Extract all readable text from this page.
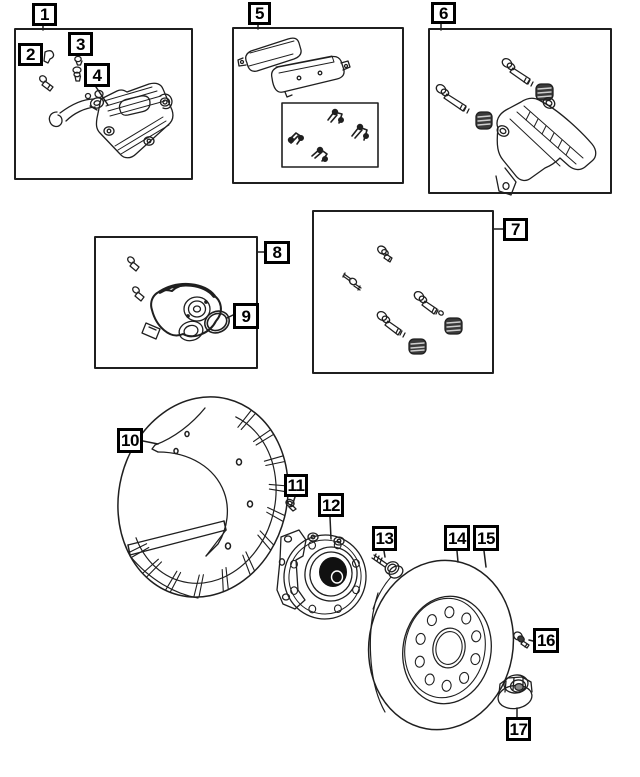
1
2
3
4
5	6
7
8
9
10
11
12
13	14 15
16
17
